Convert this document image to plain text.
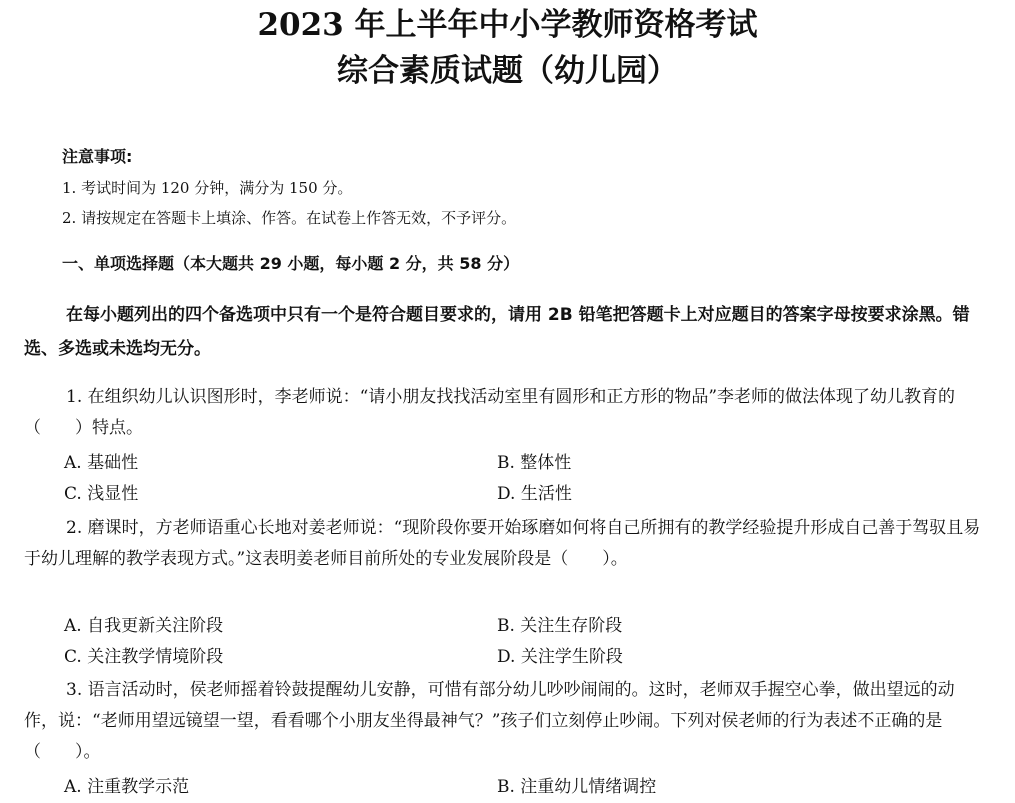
2023 年上半年中小学教师资格考试
综合素质试题（幼儿园）
注意事项:
1. 考试时间为 120 分钟，满分为 150 分。
2. 请按规定在答题卡上填涂、作答。在试卷上作答无效，不予评分。
一、单项选择题（本大题共 29 小题，每小题 2 分，共 58 分）
在每小题列出的四个备选项中只有一个是符合题目要求的，请用 2B 铅笔把答题卡上对应题目的答案字母按要求涂黑。错选、多选或未选均无分。
1. 在组织幼儿认识图形时，李老师说：“请小朋友找找活动室里有圆形和正方形的物品”李老师的做法体现了幼儿教育的（　　）特点。
A. 基础性	B. 整体性
C. 浅显性	D. 生活性
2. 磨课时，方老师语重心长地对姜老师说：“现阶段你要开始琢磨如何将自己所拥有的教学经验提升形成自己善于驾驭且易于幼儿理解的教学表现方式。”这表明姜老师目前所处的专业发展阶段是（　　）。
A. 自我更新关注阶段	B. 关注生存阶段
C. 关注教学情境阶段	D. 关注学生阶段
3. 语言活动时，侯老师摇着铃鼓提醒幼儿安静，可惜有部分幼儿吵吵闹闹的。这时，老师双手握空心拳，做出望远的动作，说：“老师用望远镜望一望，看看哪个小朋友坐得最神气？”孩子们立刻停止吵闹。下列对侯老师的行为表述不正确的是（　　）。
A. 注重教学示范	B. 注重幼儿情绪调控
